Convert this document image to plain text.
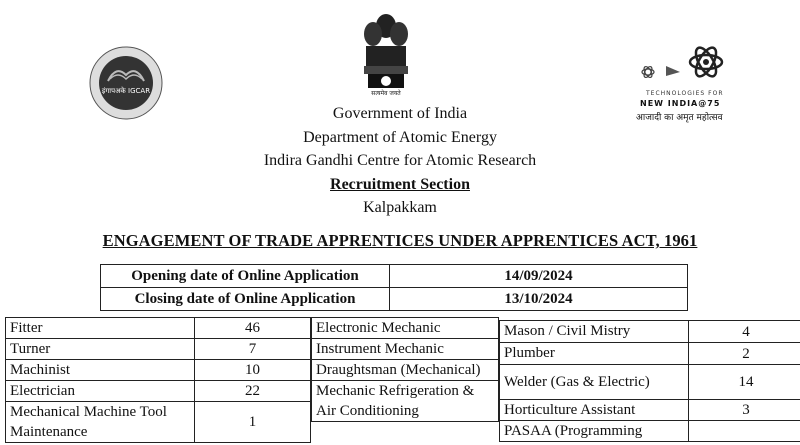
इंगापअके IGCAR	सत्यमेव जयते	TECHNOLOGIES FOR
NEW INDIA@75
आजादी का अमृत महोत्सव
Government of India
Department of Atomic Energy
Indira Gandhi Centre for Atomic Research
Recruitment Section
Kalpakkam
ENGAGEMENT OF TRADE APPRENTICES UNDER APPRENTICES ACT, 1961
Opening date of Online Application	14/09/2024
Closing date of Online Application	13/10/2024
Fitter	46
Turner	7
Machinist	10
Electrician	22
Mechanical Machine Tool Maintenance	1
Electronic Mechanic
Instrument Mechanic
Draughtsman (Mechanical)
Mechanic Refrigeration & Air Conditioning
Mason / Civil Mistry	4
Plumber	2
Welder (Gas & Electric)	14
Horticulture Assistant	3
PASAA (Programming	
